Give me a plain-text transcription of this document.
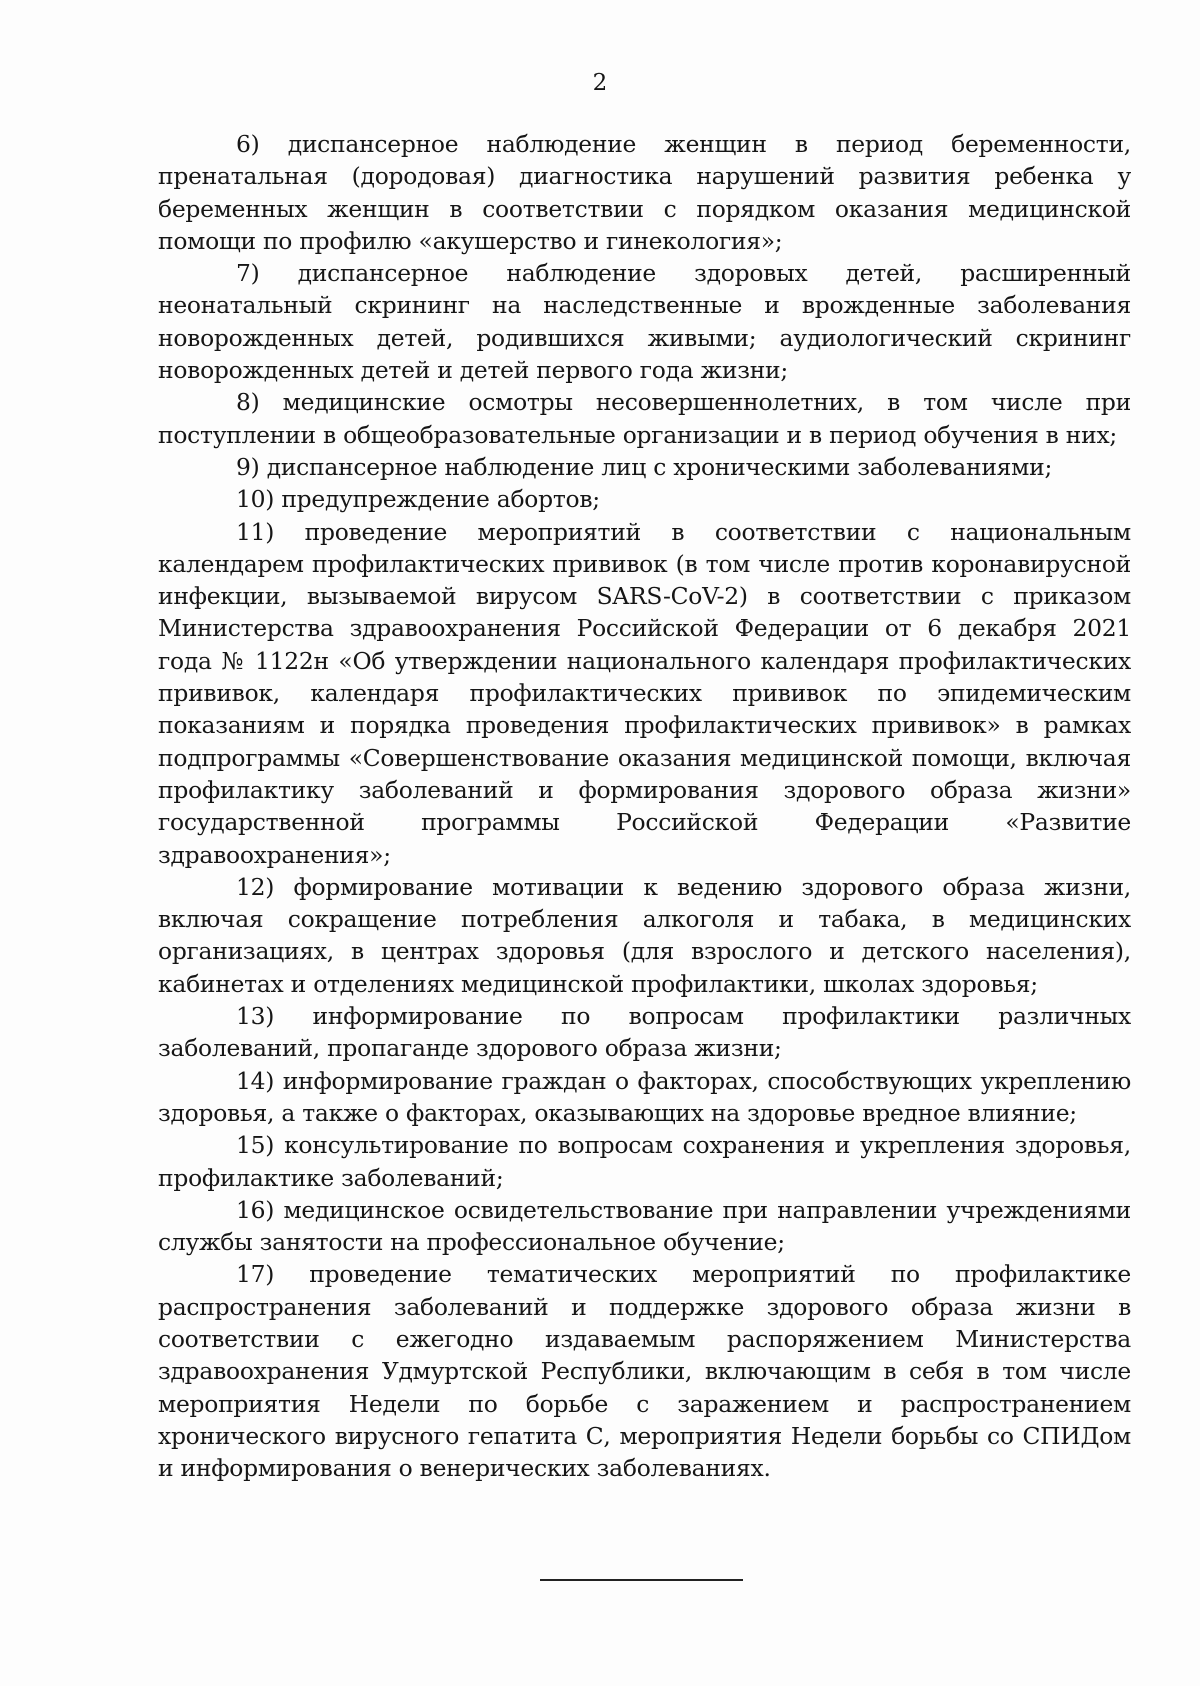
2

6) диспансерное наблюдение женщин в период беременности, пренатальная (дородовая) диагностика нарушений развития ребенка у беременных женщин в соответствии с порядком оказания медицинской помощи по профилю «акушерство и гинекология»;

7) диспансерное наблюдение здоровых детей, расширенный неонатальный скрининг на наследственные и врожденные заболевания новорожденных детей, родившихся живыми; аудиологический скрининг новорожденных детей и детей первого года жизни;

8) медицинские осмотры несовершеннолетних, в том числе при поступлении в общеобразовательные организации и в период обучения в них;

9) диспансерное наблюдение лиц с хроническими заболеваниями;

10) предупреждение абортов;

11) проведение мероприятий в соответствии с национальным календарем профилактических прививок (в том числе против коронавирусной инфекции, вызываемой вирусом SARS-CoV-2) в соответствии с приказом Министерства здравоохранения Российской Федерации от 6 декабря 2021 года № 1122н «Об утверждении национального календаря профилактических прививок, календаря профилактических прививок по эпидемическим показаниям и порядка проведения профилактических прививок» в рамках подпрограммы «Совершенствование оказания медицинской помощи, включая профилактику заболеваний и формирования здорового образа жизни» государственной программы Российской Федерации «Развитие здравоохранения»;

12) формирование мотивации к ведению здорового образа жизни, включая сокращение потребления алкоголя и табака, в медицинских организациях, в центрах здоровья (для взрослого и детского населения), кабинетах и отделениях медицинской профилактики, школах здоровья;

13) информирование по вопросам профилактики различных заболеваний, пропаганде здорового образа жизни;

14) информирование граждан о факторах, способствующих укреплению здоровья, а также о факторах, оказывающих на здоровье вредное влияние;

15) консультирование по вопросам сохранения и укрепления здоровья, профилактике заболеваний;

16) медицинское освидетельствование при направлении учреждениями службы занятости на профессиональное обучение;

17) проведение тематических мероприятий по профилактике распространения заболеваний и поддержке здорового образа жизни в соответствии с ежегодно издаваемым распоряжением Министерства здравоохранения Удмуртской Республики, включающим в себя в том числе мероприятия Недели по борьбе с заражением и распространением хронического вирусного гепатита С, мероприятия Недели борьбы со СПИДом и информирования о венерических заболеваниях.
